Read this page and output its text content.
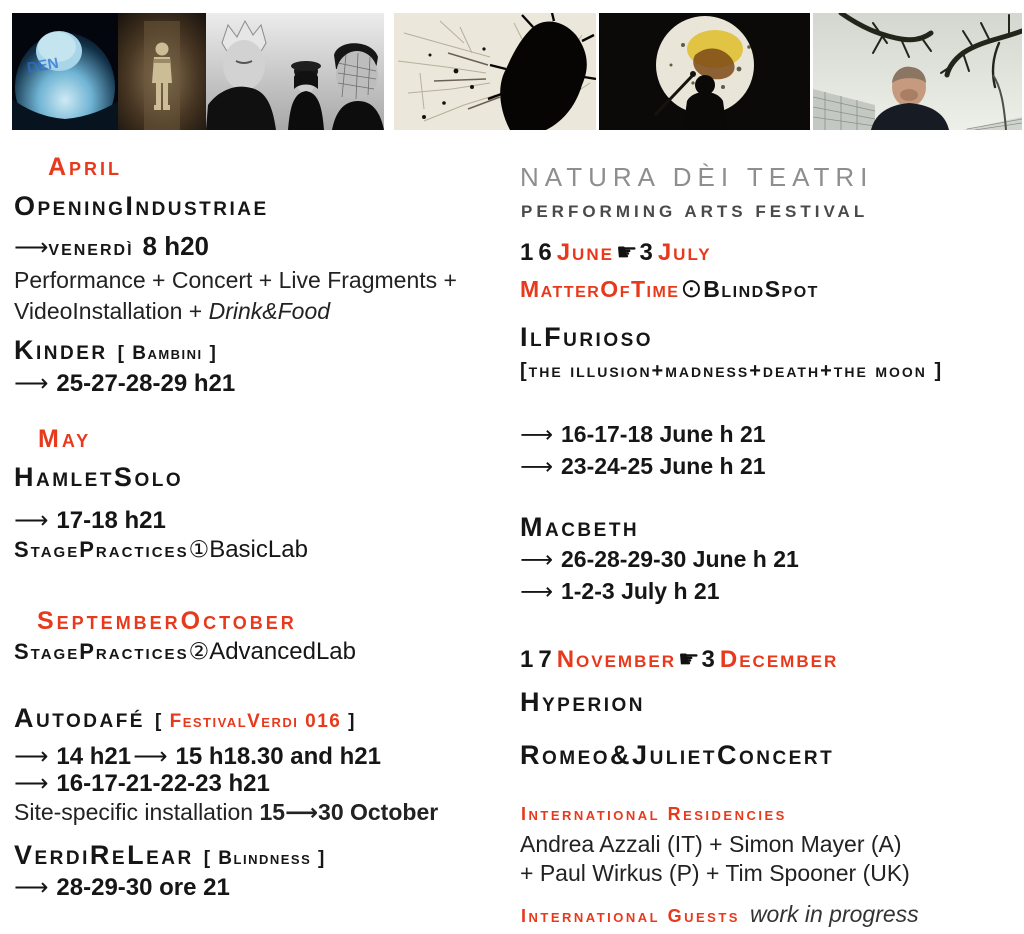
DEN
April
OpeningIndustriae
⟶venerdì 8 h20
Performance + Concert + Live Fragments + VideoInstallation + Drink&Food
Kinder [ Bambini ]
⟶ 25-27-28-29 h21
May
HamletSolo
⟶ 17-18 h21
StagePractices①BasicLab
SeptemberOctober
StagePractices②AdvancedLab
Autodafé [ FestivalVerdi 016 ]
⟶ 14 h21⟶ 15 h18.30 and h21
⟶ 16-17-21-22-23 h21
Site-specific installation 15⟶30 October
VerdiReLear [ Blindness ]
⟶ 28-29-30 ore 21
NATURA DÈI TEATRI
PERFORMING ARTS FESTIVAL
16June☛3July
MatterOfTime⊙BlindSpot
IlFurioso
[the illusion+madness+death+the moon ]
⟶ 16-17-18 June h 21
⟶ 23-24-25 June h 21
Macbeth
⟶ 26-28-29-30 June h 21
⟶ 1-2-3 July h 21
17November☛3December
Hyperion
Romeo&JulietConcert
International Residencies
Andrea Azzali (IT) + Simon Mayer (A)
+ Paul Wirkus (P) + Tim Spooner (UK)
International Guests work in progress
